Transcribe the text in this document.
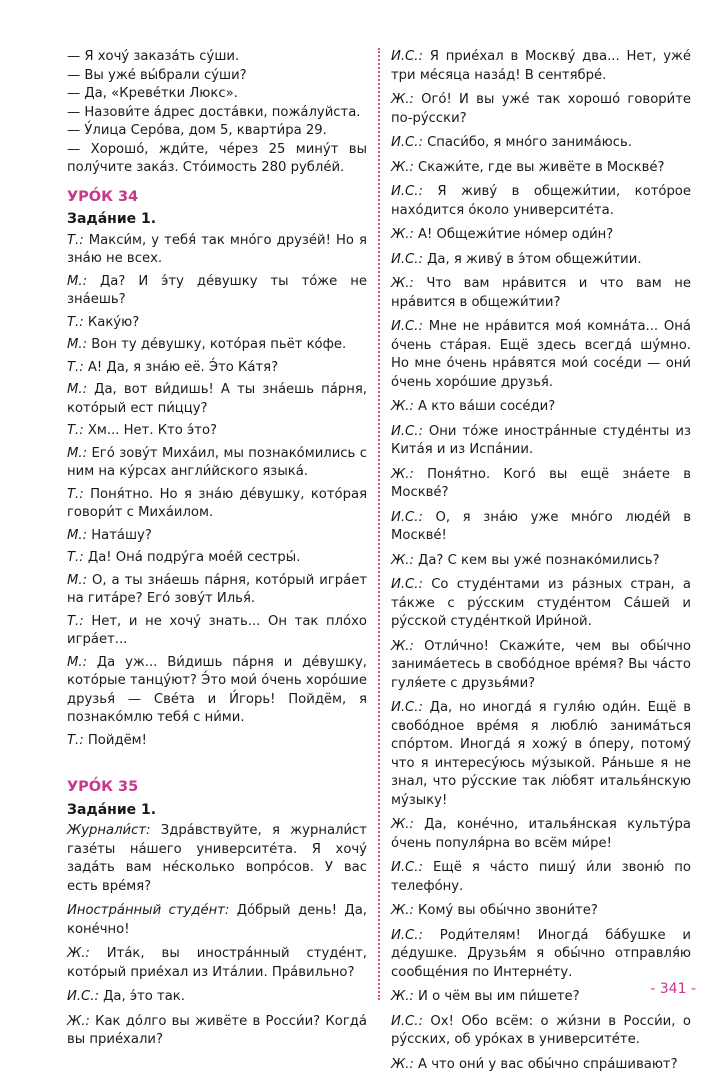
— Я хочу́ заказа́ть су́ши.

— Вы уже́ вы́брали су́ши?

— Да, «Креве́тки Люкс».

— Назови́те а́дрес доста́вки, пожа́луйста.

— У́лица Серо́ва, дом 5, кварти́ра 29.

— Хорошо́, жди́те, че́рез 25 мину́т вы полу́чите зака́з. Сто́имость 280 рубле́й.

УРО́К 34
Зада́ние 1.

Т.: Макси́м, у тебя́ так мно́го друзе́й! Но я зна́ю не всех.

М.: Да? И э́ту де́вушку ты то́же не зна́ешь?

Т.: Каку́ю?

М.: Вон ту де́вушку, кото́рая пьёт ко́фе.

Т.: А! Да, я зна́ю её. Э́то Ка́тя?

М.: Да, вот ви́дишь! А ты зна́ешь па́рня, кото́рый ест пи́ццу?

Т.: Хм... Нет. Кто э́то?

М.: Его́ зову́т Миха́ил, мы познако́мились с ним на ку́рсах англи́йского языка́.

Т.: Поня́тно. Но я зна́ю де́вушку, кото́рая говори́т с Миха́илом.

М.: Ната́шу?

Т.: Да! Она́ подру́га мое́й сестры́.

М.: О, а ты зна́ешь па́рня, кото́рый игра́ет на гита́ре? Его́ зову́т Илья́.

Т.: Нет, и не хочу́ знать... Он так пло́хо игра́ет...

М.: Да уж... Ви́дишь па́рня и де́вушку, кото́рые танцу́ют? Э́то мои́ о́чень хоро́шие друзья́ — Све́та и И́горь! Пойдём, я познако́млю тебя́ с ни́ми.

Т.: Пойдём!

УРО́К 35
Зада́ние 1.

Журнали́ст: Здра́вствуйте, я журнали́ст газе́ты на́шего университе́та. Я хочу́ зада́ть вам не́сколько вопро́сов. У вас есть вре́мя?

Иностра́нный студе́нт: До́брый день! Да, коне́чно!

Ж.: Ита́к, вы иностра́нный студе́нт, кото́рый прие́хал из Ита́лии. Пра́вильно?

И.С.: Да, э́то так.

Ж.: Как до́лго вы живёте в Росси́и? Когда́ вы прие́хали?

И.С.: Я прие́хал в Москву́ два... Нет, уже́ три ме́сяца наза́д! В сентябре́.

Ж.: Ого́! И вы уже́ так хорошо́ говори́те по-ру́сски?

И.С.: Спаси́бо, я мно́го занима́юсь.

Ж.: Скажи́те, где вы живёте в Москве́?

И.С.: Я живу́ в общежи́тии, кото́рое нахо́дится о́коло университе́та.

Ж.: А! Общежи́тие но́мер оди́н?

И.С.: Да, я живу́ в э́том общежи́тии.

Ж.: Что вам нра́вится и что вам не нра́вится в общежи́тии?

И.С.: Мне не нра́вится моя́ комна́та... Она́ о́чень ста́рая. Ещё здесь всегда́ шу́мно. Но мне о́чень нра́вятся мои́ сосе́ди — они́ о́чень хоро́шие друзья́.

Ж.: А кто ва́ши сосе́ди?

И.С.: Они то́же иностра́нные студе́нты из Кита́я и из Испа́нии.

Ж.: Поня́тно. Кого́ вы ещё зна́ете в Москве́?

И.С.: О, я зна́ю уже мно́го люде́й в Москве́!

Ж.: Да? С кем вы уже́ познако́мились?

И.С.: Со студе́нтами из ра́зных стран, а та́кже с ру́сским студе́нтом Са́шей и ру́сской студе́нткой Ири́ной.

Ж.: Отли́чно! Скажи́те, чем вы обы́чно занима́етесь в свобо́дное вре́мя? Вы ча́сто гуля́ете с друзья́ми?

И.С.: Да, но иногда́ я гуля́ю оди́н. Ещё в свобо́дное вре́мя я люблю́ занима́ться спо́ртом. Иногда́ я хожу́ в о́перу, потому́ что я интересу́юсь му́зыкой. Ра́ньше я не знал, что ру́сские так лю́бят италья́нскую му́зыку!

Ж.: Да, коне́чно, италья́нская культу́ра о́чень популя́рна во всём ми́ре!

И.С.: Ещё я ча́сто пишу́ и́ли звоню́ по телефо́ну.

Ж.: Кому́ вы обы́чно звони́те?

И.С.: Роди́телям! Иногда́ ба́бушке и де́душке. Друзья́м я обы́чно отправля́ю сообще́ния по Интерне́ту.

Ж.: И о чём вы им пи́шете?

И.С.: Ох! Обо всём: о жи́зни в Росси́и, о ру́сских, об уро́ках в университе́те.

Ж.: А что они́ у вас обы́чно спра́шивают?

- 341 -
